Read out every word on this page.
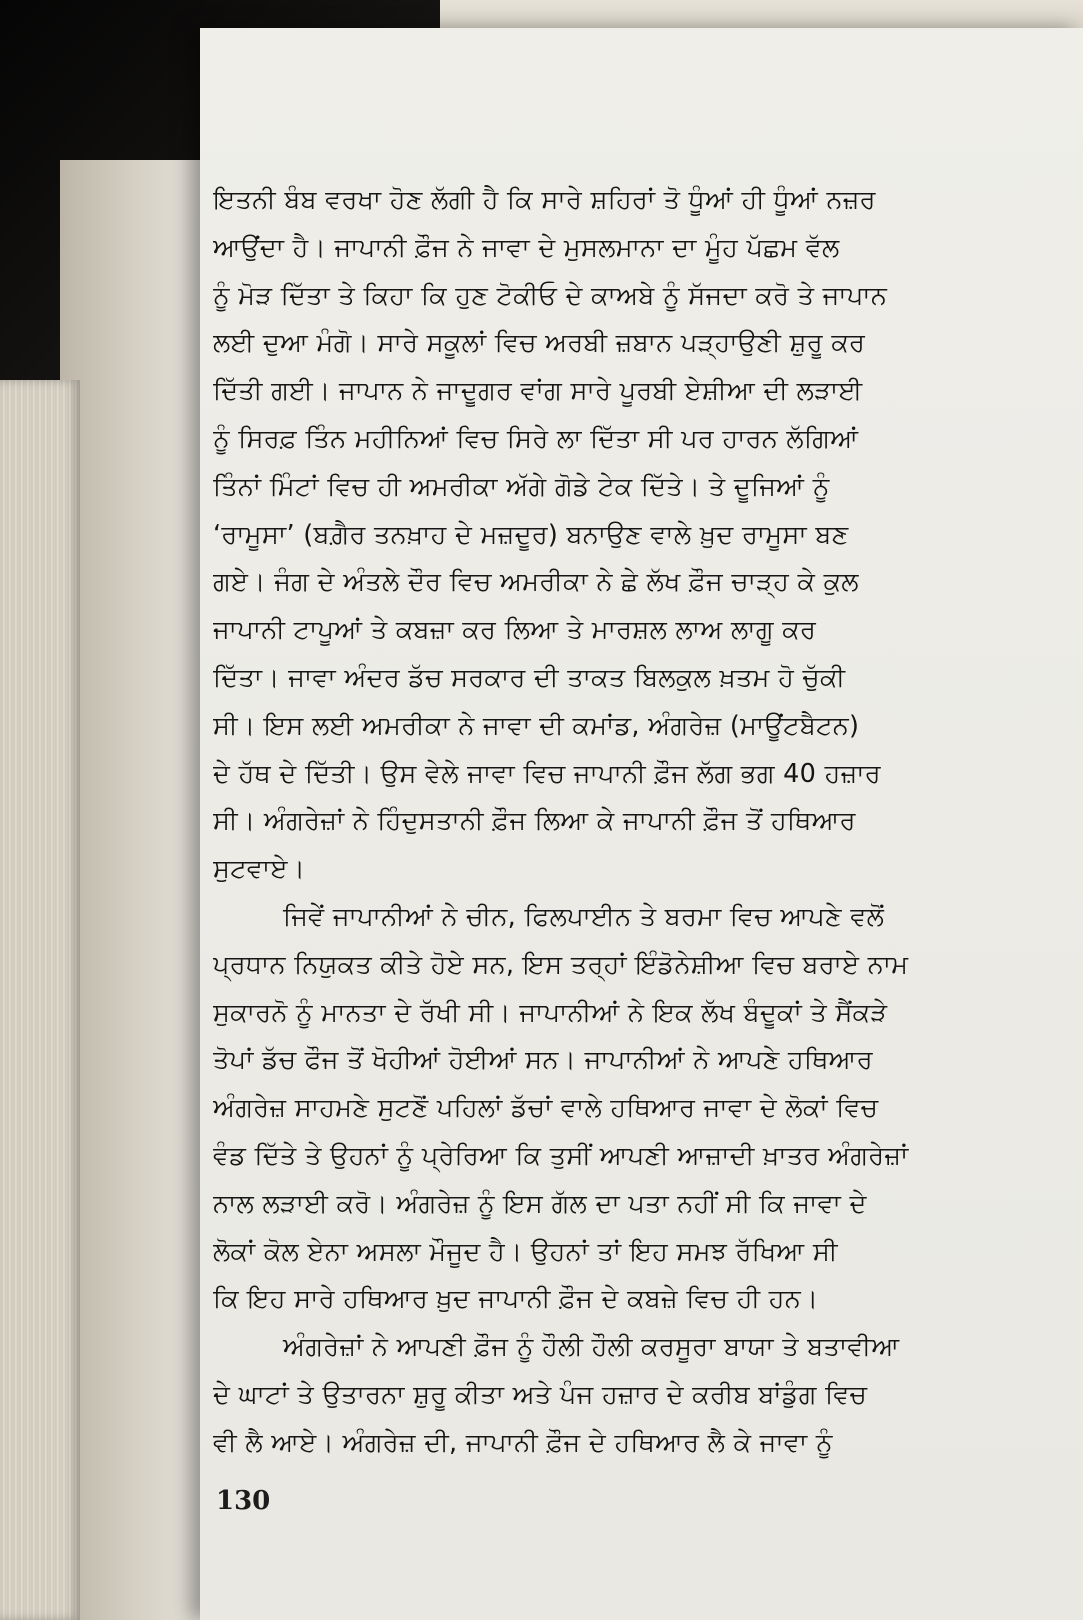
ਇਤਨੀ ਬੰਬ ਵਰਖਾ ਹੋਣ ਲੱਗੀ ਹੈ ਕਿ ਸਾਰੇ ਸ਼ਹਿਰਾਂ ਤੋ ਧੂੰਆਂ ਹੀ ਧੂੰਆਂ ਨਜ਼ਰ
ਆਉਂਦਾ ਹੈ। ਜਾਪਾਨੀ ਫ਼ੌਜ ਨੇ ਜਾਵਾ ਦੇ ਮੁਸਲਮਾਨਾ ਦਾ ਮੂੰਹ ਪੱਛਮ ਵੱਲ
ਨੂੰ ਮੋੜ ਦਿੱਤਾ ਤੇ ਕਿਹਾ ਕਿ ਹੁਣ ਟੋਕੀਓ ਦੇ ਕਾਅਬੇ ਨੂੰ ਸੱਜਦਾ ਕਰੋ ਤੇ ਜਾਪਾਨ
ਲਈ ਦੁਆ ਮੰਗੋ। ਸਾਰੇ ਸਕੂਲਾਂ ਵਿਚ ਅਰਬੀ ਜ਼ਬਾਨ ਪੜ੍ਹਾਉਣੀ ਸ਼ੁਰੂ ਕਰ
ਦਿੱਤੀ ਗਈ। ਜਾਪਾਨ ਨੇ ਜਾਦੂਗਰ ਵਾਂਗ ਸਾਰੇ ਪੂਰਬੀ ਏਸ਼ੀਆ ਦੀ ਲੜਾਈ
ਨੂੰ ਸਿਰਫ਼ ਤਿੰਨ ਮਹੀਨਿਆਂ ਵਿਚ ਸਿਰੇ ਲਾ ਦਿੱਤਾ ਸੀ ਪਰ ਹਾਰਨ ਲੱਗਿਆਂ
ਤਿੰਨਾਂ ਮਿੰਟਾਂ ਵਿਚ ਹੀ ਅਮਰੀਕਾ ਅੱਗੇ ਗੋਡੇ ਟੇਕ ਦਿੱਤੇ। ਤੇ ਦੂਜਿਆਂ ਨੂੰ
‘ਰਾਮੂਸਾ’ (ਬਗ਼ੈਰ ਤਨਖ਼ਾਹ ਦੇ ਮਜ਼ਦੂਰ) ਬਨਾਉਣ ਵਾਲੇ ਖ਼ੁਦ ਰਾਮੂਸਾ ਬਣ
ਗਏ। ਜੰਗ ਦੇ ਅੰਤਲੇ ਦੌਰ ਵਿਚ ਅਮਰੀਕਾ ਨੇ ਛੇ ਲੱਖ ਫ਼ੌਜ ਚਾੜ੍ਹ ਕੇ ਕੁਲ
ਜਾਪਾਨੀ ਟਾਪੂਆਂ ਤੇ ਕਬਜ਼ਾ ਕਰ ਲਿਆ ਤੇ ਮਾਰਸ਼ਲ ਲਾਅ ਲਾਗੂ ਕਰ
ਦਿੱਤਾ। ਜਾਵਾ ਅੰਦਰ ਡੱਚ ਸਰਕਾਰ ਦੀ ਤਾਕਤ ਬਿਲਕੁਲ ਖ਼ਤਮ ਹੋ ਚੁੱਕੀ
ਸੀ। ਇਸ ਲਈ ਅਮਰੀਕਾ ਨੇ ਜਾਵਾ ਦੀ ਕਮਾਂਡ, ਅੰਗਰੇਜ਼ (ਮਾਊਂਟਬੈਟਨ)
ਦੇ ਹੱਥ ਦੇ ਦਿੱਤੀ। ਉਸ ਵੇਲੇ ਜਾਵਾ ਵਿਚ ਜਾਪਾਨੀ ਫ਼ੌਜ ਲੱਗ ਭਗ 40 ਹਜ਼ਾਰ
ਸੀ। ਅੰਗਰੇਜ਼ਾਂ ਨੇ ਹਿੰਦੁਸਤਾਨੀ ਫ਼ੌਜ ਲਿਆ ਕੇ ਜਾਪਾਨੀ ਫ਼ੌਜ ਤੋਂ ਹਥਿਆਰ
ਸੁਟਵਾਏ।
ਜਿਵੇਂ ਜਾਪਾਨੀਆਂ ਨੇ ਚੀਨ, ਫਿਲਪਾਈਨ ਤੇ ਬਰਮਾ ਵਿਚ ਆਪਣੇ ਵਲੋਂ
ਪ੍ਰਧਾਨ ਨਿਯੁਕਤ ਕੀਤੇ ਹੋਏ ਸਨ, ਇਸ ਤਰ੍ਹਾਂ ਇੰਡੋਨੇਸ਼ੀਆ ਵਿਚ ਬਰਾਏ ਨਾਮ
ਸੁਕਾਰਨੋ ਨੂੰ ਮਾਨਤਾ ਦੇ ਰੱਖੀ ਸੀ। ਜਾਪਾਨੀਆਂ ਨੇ ਇਕ ਲੱਖ ਬੰਦੂਕਾਂ ਤੇ ਸੈਂਕੜੇ
ਤੋਪਾਂ ਡੱਚ ਫੌਜ ਤੋਂ ਖੋਹੀਆਂ ਹੋਈਆਂ ਸਨ। ਜਾਪਾਨੀਆਂ ਨੇ ਆਪਣੇ ਹਥਿਆਰ
ਅੰਗਰੇਜ਼ ਸਾਹਮਣੇ ਸੁਟਣੋਂ ਪਹਿਲਾਂ ਡੱਚਾਂ ਵਾਲੇ ਹਥਿਆਰ ਜਾਵਾ ਦੇ ਲੋਕਾਂ ਵਿਚ
ਵੰਡ ਦਿੱਤੇ ਤੇ ਉਹਨਾਂ ਨੂੰ ਪ੍ਰੇਰਿਆ ਕਿ ਤੁਸੀਂ ਆਪਣੀ ਆਜ਼ਾਦੀ ਖ਼ਾਤਰ ਅੰਗਰੇਜ਼ਾਂ
ਨਾਲ ਲੜਾਈ ਕਰੋ। ਅੰਗਰੇਜ਼ ਨੂੰ ਇਸ ਗੱਲ ਦਾ ਪਤਾ ਨਹੀਂ ਸੀ ਕਿ ਜਾਵਾ ਦੇ
ਲੋਕਾਂ ਕੋਲ ਏਨਾ ਅਸਲਾ ਮੌਜੂਦ ਹੈ। ਉਹਨਾਂ ਤਾਂ ਇਹ ਸਮਝ ਰੱਖਿਆ ਸੀ
ਕਿ ਇਹ ਸਾਰੇ ਹਥਿਆਰ ਖ਼ੁਦ ਜਾਪਾਨੀ ਫ਼ੌਜ ਦੇ ਕਬਜ਼ੇ ਵਿਚ ਹੀ ਹਨ।
ਅੰਗਰੇਜ਼ਾਂ ਨੇ ਆਪਣੀ ਫ਼ੌਜ ਨੂੰ ਹੌਲੀ ਹੌਲੀ ਕਰਸੂਰਾ ਬਾਯਾ ਤੇ ਬਤਾਵੀਆ
ਦੇ ਘਾਟਾਂ ਤੇ ਉਤਾਰਨਾ ਸ਼ੁਰੂ ਕੀਤਾ ਅਤੇ ਪੰਜ ਹਜ਼ਾਰ ਦੇ ਕਰੀਬ ਬਾਂਡੁੰਗ ਵਿਚ
ਵੀ ਲੈ ਆਏ। ਅੰਗਰੇਜ਼ ਦੀ, ਜਾਪਾਨੀ ਫ਼ੌਜ ਦੇ ਹਥਿਆਰ ਲੈ ਕੇ ਜਾਵਾ ਨੂੰ
130
